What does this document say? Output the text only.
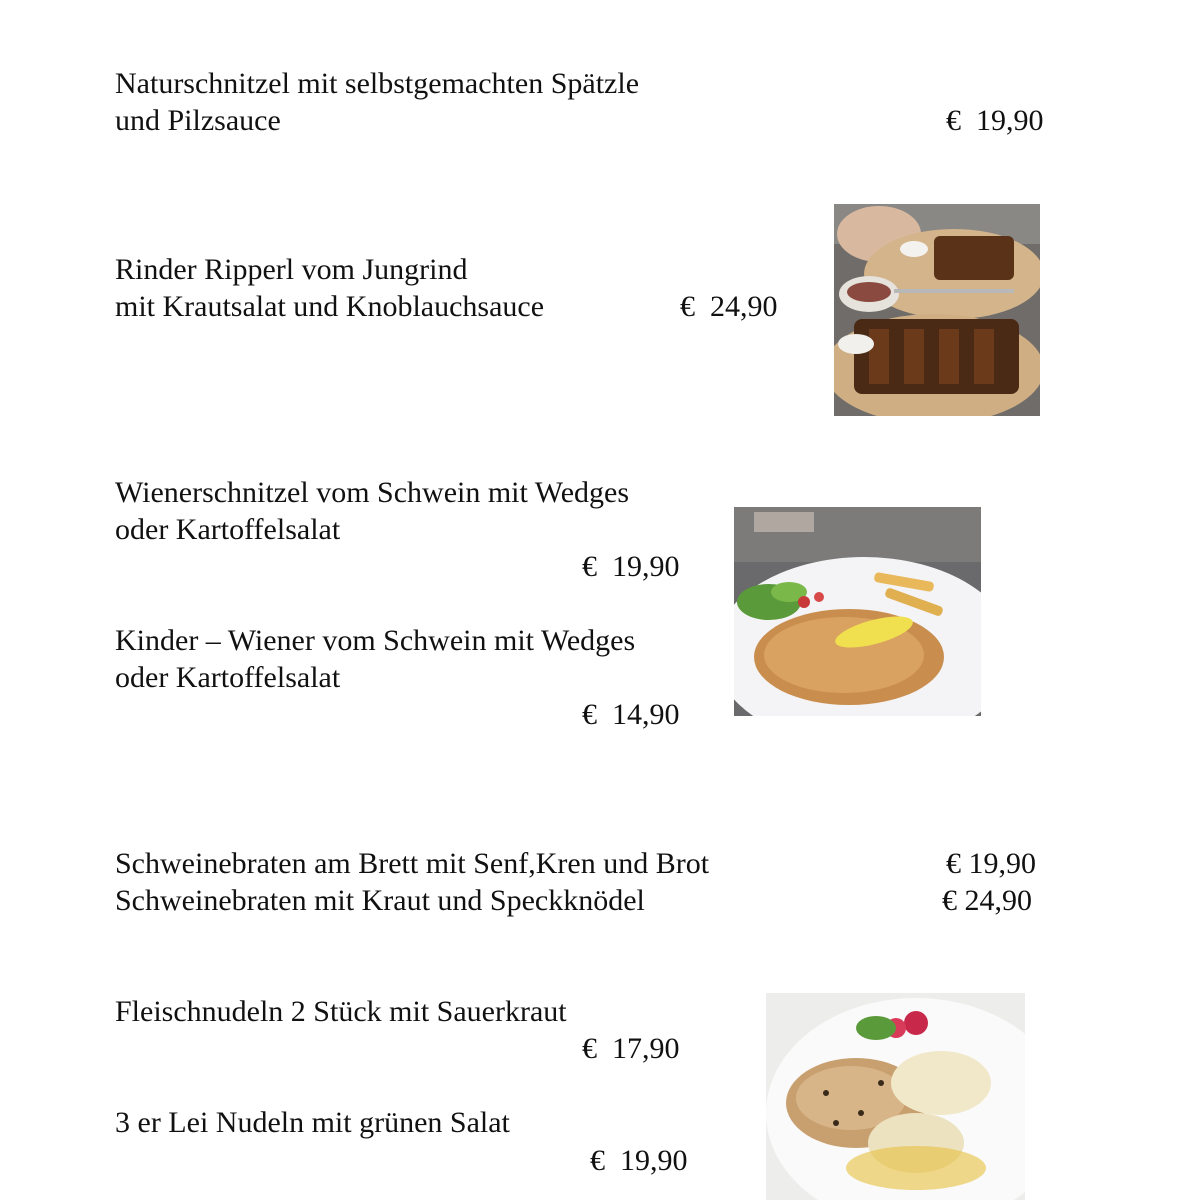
Naturschnitzel mit selbstgemachten Spätzle
und Pilzsauce	€  19,90
Rinder Ripperl vom Jungrind
mit Krautsalat und Knoblauchsauce	€  24,90
Wienerschnitzel vom Schwein mit Wedges
oder Kartoffelsalat
€  19,90
Kinder – Wiener vom Schwein mit Wedges
oder Kartoffelsalat
€  14,90
Schweinebraten am Brett mit Senf,Kren und Brot	€ 19,90
Schweinebraten mit Kraut und Speckknödel	€ 24,90
Fleischnudeln 2 Stück mit Sauerkraut
€  17,90
3 er Lei Nudeln mit grünen Salat
€  19,90
